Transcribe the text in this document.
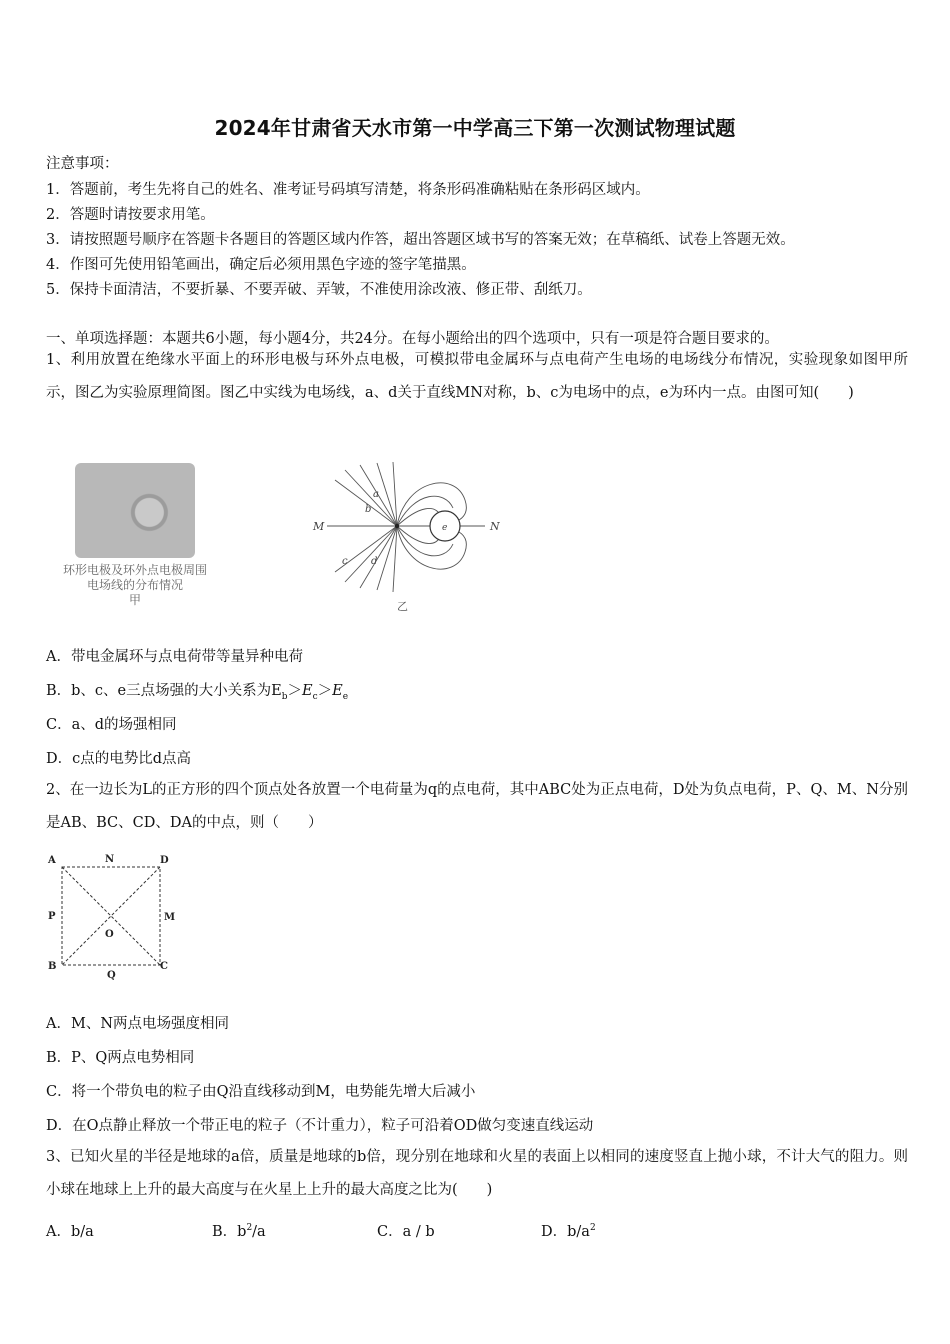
2024年甘肃省天水市第一中学高三下第一次测试物理试题
注意事项：
1．答题前，考生先将自己的姓名、准考证号码填写清楚，将条形码准确粘贴在条形码区域内。
2．答题时请按要求用笔。
3．请按照题号顺序在答题卡各题目的答题区域内作答，超出答题区域书写的答案无效；在草稿纸、试卷上答题无效。
4．作图可先使用铅笔画出，确定后必须用黑色字迹的签字笔描黑。
5．保持卡面清洁，不要折暴、不要弄破、弄皱，不准使用涂改液、修正带、刮纸刀。
一、单项选择题：本题共6小题，每小题4分，共24分。在每小题给出的四个选项中，只有一项是符合题目要求的。
1、利用放置在绝缘水平面上的环形电极与环外点电极，可模拟带电金属环与点电荷产生电场的电场线分布情况，实验现象如图甲所示，图乙为实验原理简图。图乙中实线为电场线，a、d关于直线MN对称，b、c为电场中的点，e为环内一点。由图可知(　　)
环形电极及环外点电极周围电场线的分布情况
甲
M	N
a
b
c d
e
乙
A．带电金属环与点电荷带等量异种电荷
B．b、c、e三点场强的大小关系为$E_b>E_c>E_e$
C．a、d的场强相同
D．c点的电势比d点高
2、在一边长为L的正方形的四个顶点处各放置一个电荷量为q的点电荷，其中ABC处为正点电荷，D处为负点电荷，P、Q、M、N分别是AB、BC、CD、DA的中点，则（　　）
A	N	D
P	M
O
B
Q
C
A．M、N两点电场强度相同
B．P、Q两点电势相同
C．将一个带负电的粒子由Q沿直线移动到M，电势能先增大后减小
D．在O点静止释放一个带正电的粒子（不计重力），粒子可沿着OD做匀变速直线运动
3、已知火星的半径是地球的a倍，质量是地球的b倍，现分别在地球和火星的表面上以相同的速度竖直上抛小球，不计大气的阻力。则小球在地球上上升的最大高度与在火星上上升的最大高度之比为(　　)
A．b/a	B．$b^2/a$	C．a / b	D．$b/a^2$
